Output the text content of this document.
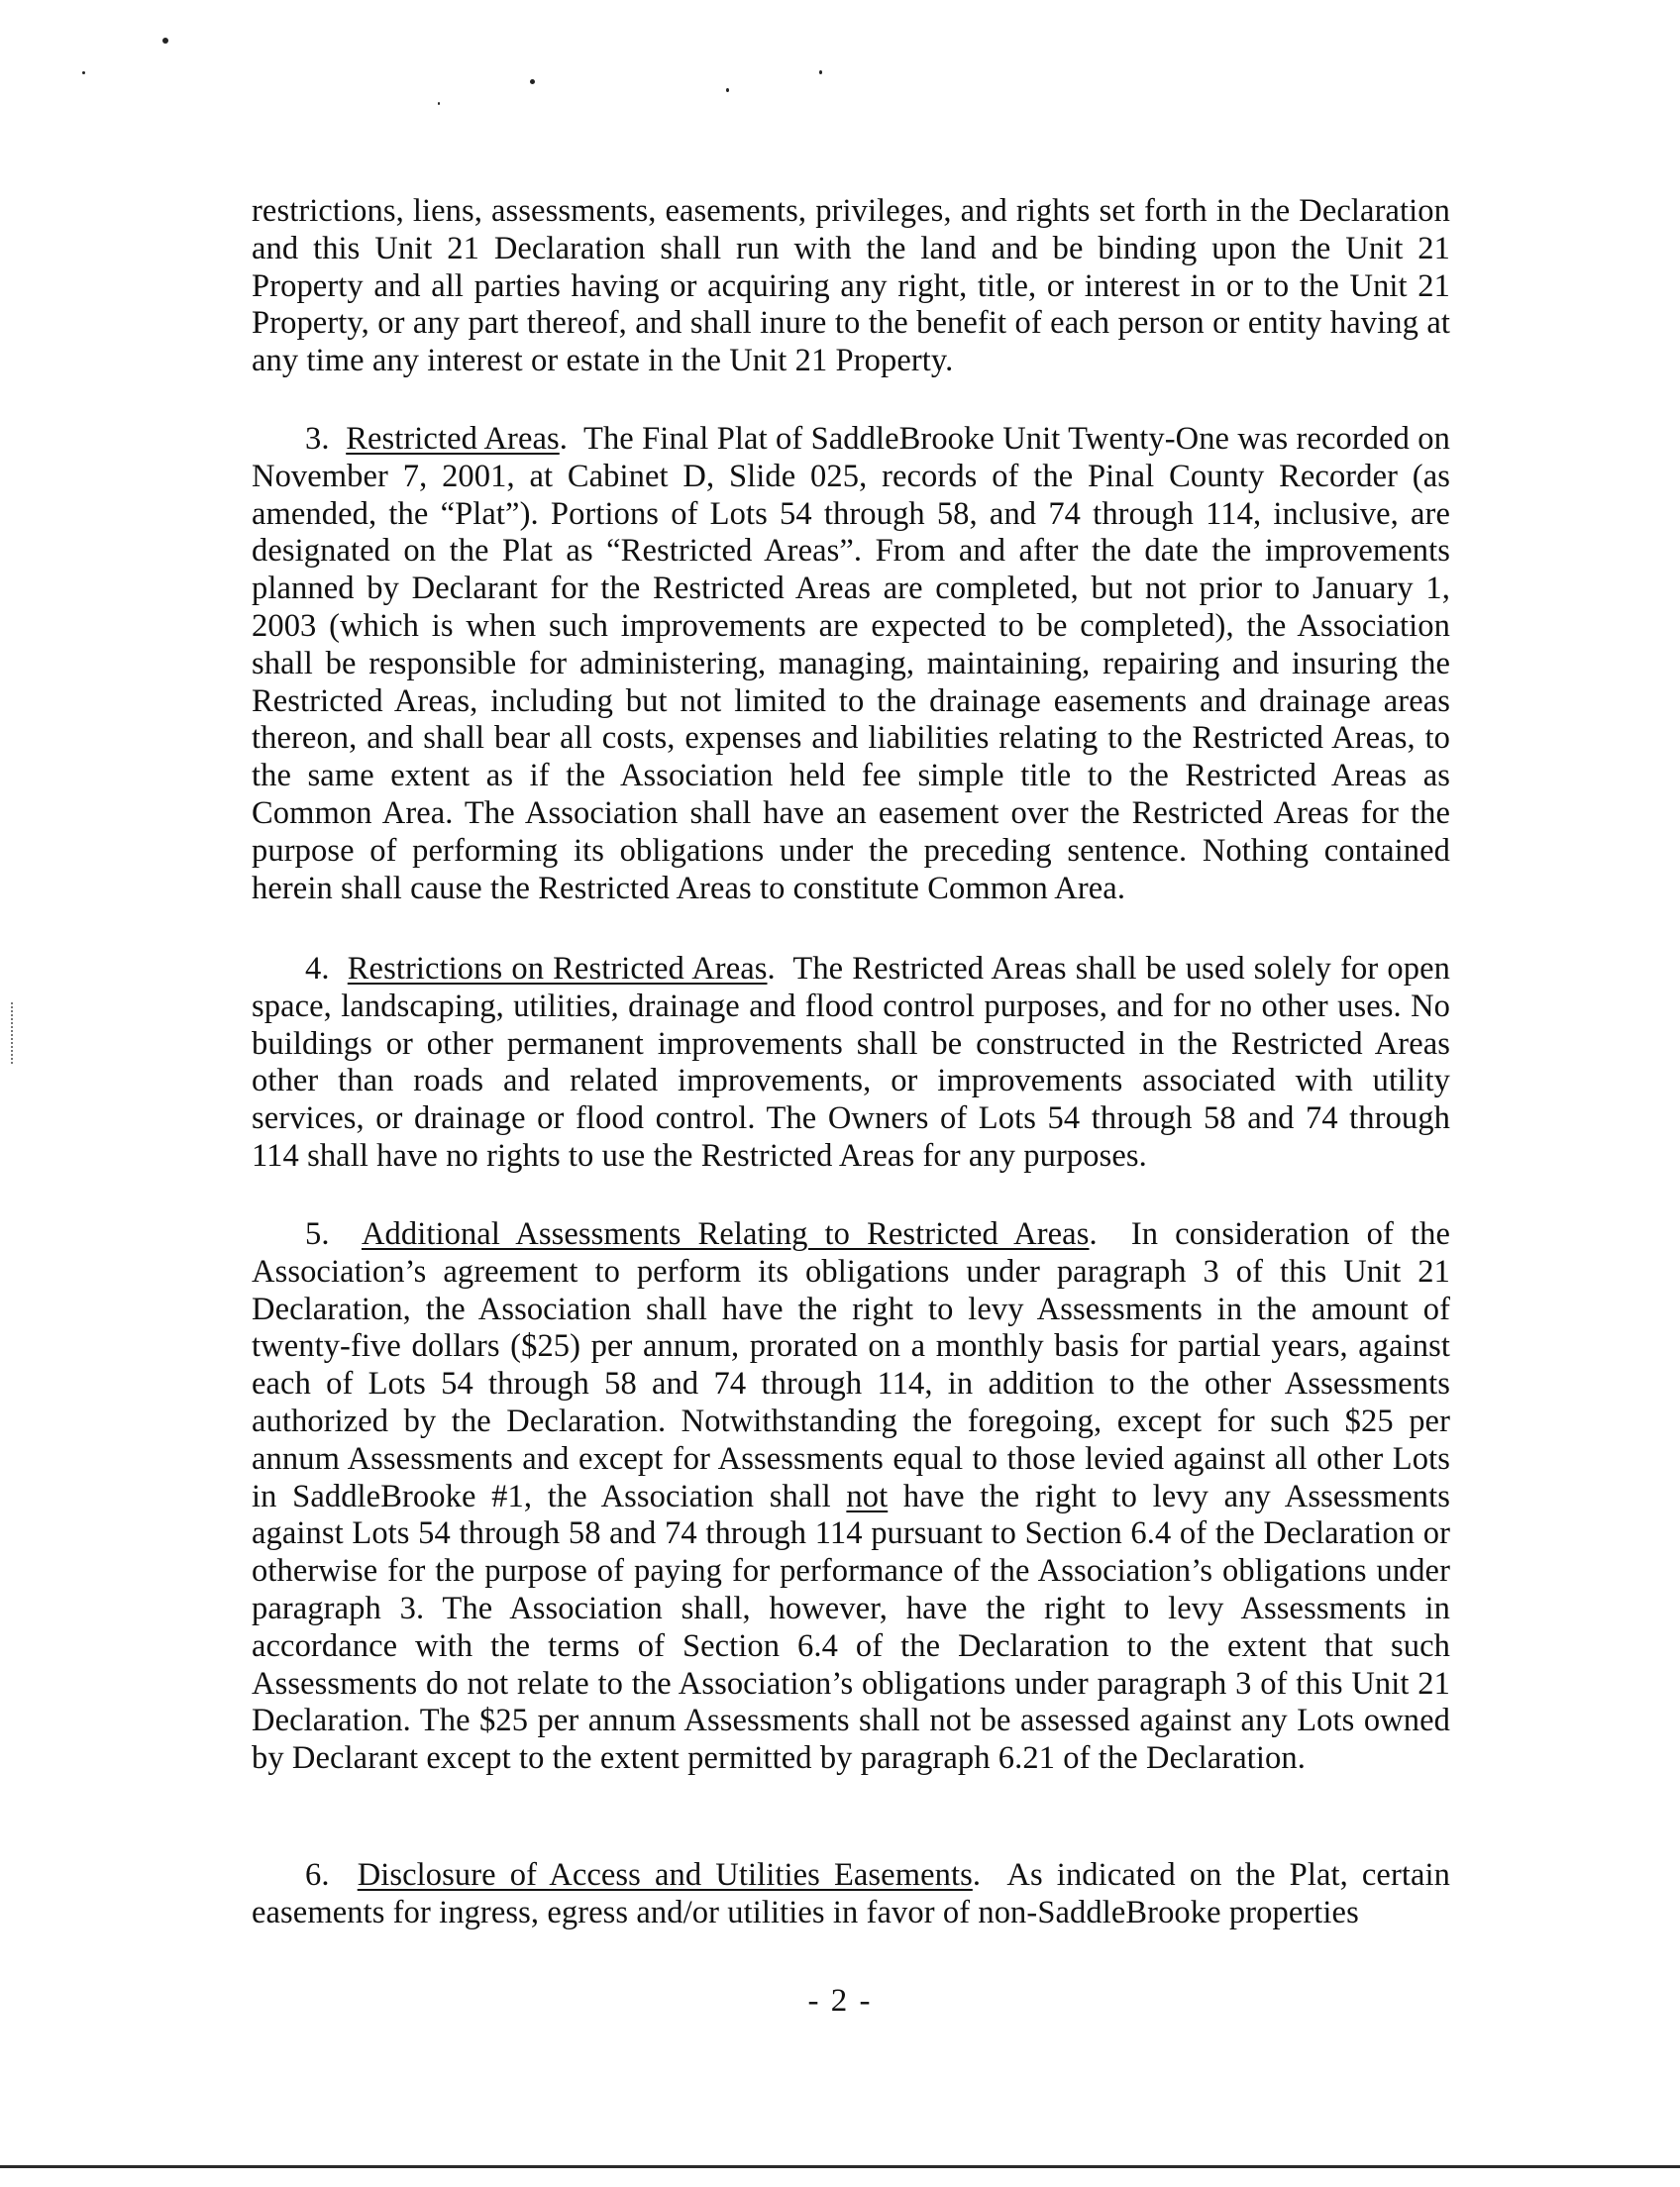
restrictions, liens, assessments, easements, privileges, and rights set forth in the Declaration and this Unit 21 Declaration shall run with the land and be binding upon the Unit 21 Property and all parties having or acquiring any right, title, or interest in or to the Unit 21 Property, or any part thereof, and shall inure to the benefit of each person or entity having at any time any interest or estate in the Unit 21 Property.

3. Restricted Areas. The Final Plat of SaddleBrooke Unit Twenty-One was recorded on November 7, 2001, at Cabinet D, Slide 025, records of the Pinal County Recorder (as amended, the “Plat”). Portions of Lots 54 through 58, and 74 through 114, inclusive, are designated on the Plat as “Restricted Areas”. From and after the date the improvements planned by Declarant for the Restricted Areas are completed, but not prior to January 1, 2003 (which is when such improvements are expected to be completed), the Association shall be responsible for administering, managing, maintaining, repairing and insuring the Restricted Areas, including but not limited to the drainage easements and drainage areas thereon, and shall bear all costs, expenses and liabilities relating to the Restricted Areas, to the same extent as if the Association held fee simple title to the Restricted Areas as Common Area. The Association shall have an easement over the Restricted Areas for the purpose of performing its obligations under the preceding sentence. Nothing contained herein shall cause the Restricted Areas to constitute Common Area.

4. Restrictions on Restricted Areas. The Restricted Areas shall be used solely for open space, landscaping, utilities, drainage and flood control purposes, and for no other uses. No buildings or other permanent improvements shall be constructed in the Restricted Areas other than roads and related improvements, or improvements associated with utility services, or drainage or flood control. The Owners of Lots 54 through 58 and 74 through 114 shall have no rights to use the Restricted Areas for any purposes.

5. Additional Assessments Relating to Restricted Areas. In consideration of the Association’s agreement to perform its obligations under paragraph 3 of this Unit 21 Declaration, the Association shall have the right to levy Assessments in the amount of twenty-five dollars ($25) per annum, prorated on a monthly basis for partial years, against each of Lots 54 through 58 and 74 through 114, in addition to the other Assessments authorized by the Declaration. Notwithstanding the foregoing, except for such $25 per annum Assessments and except for Assessments equal to those levied against all other Lots in SaddleBrooke #1, the Association shall not have the right to levy any Assessments against Lots 54 through 58 and 74 through 114 pursuant to Section 6.4 of the Declaration or otherwise for the purpose of paying for performance of the Association’s obligations under paragraph 3. The Association shall, however, have the right to levy Assessments in accordance with the terms of Section 6.4 of the Declaration to the extent that such Assessments do not relate to the Association’s obligations under paragraph 3 of this Unit 21 Declaration. The $25 per annum Assessments shall not be assessed against any Lots owned by Declarant except to the extent permitted by paragraph 6.21 of the Declaration.

6. Disclosure of Access and Utilities Easements. As indicated on the Plat, certain easements for ingress, egress and/or utilities in favor of non-SaddleBrooke properties

- 2 -
